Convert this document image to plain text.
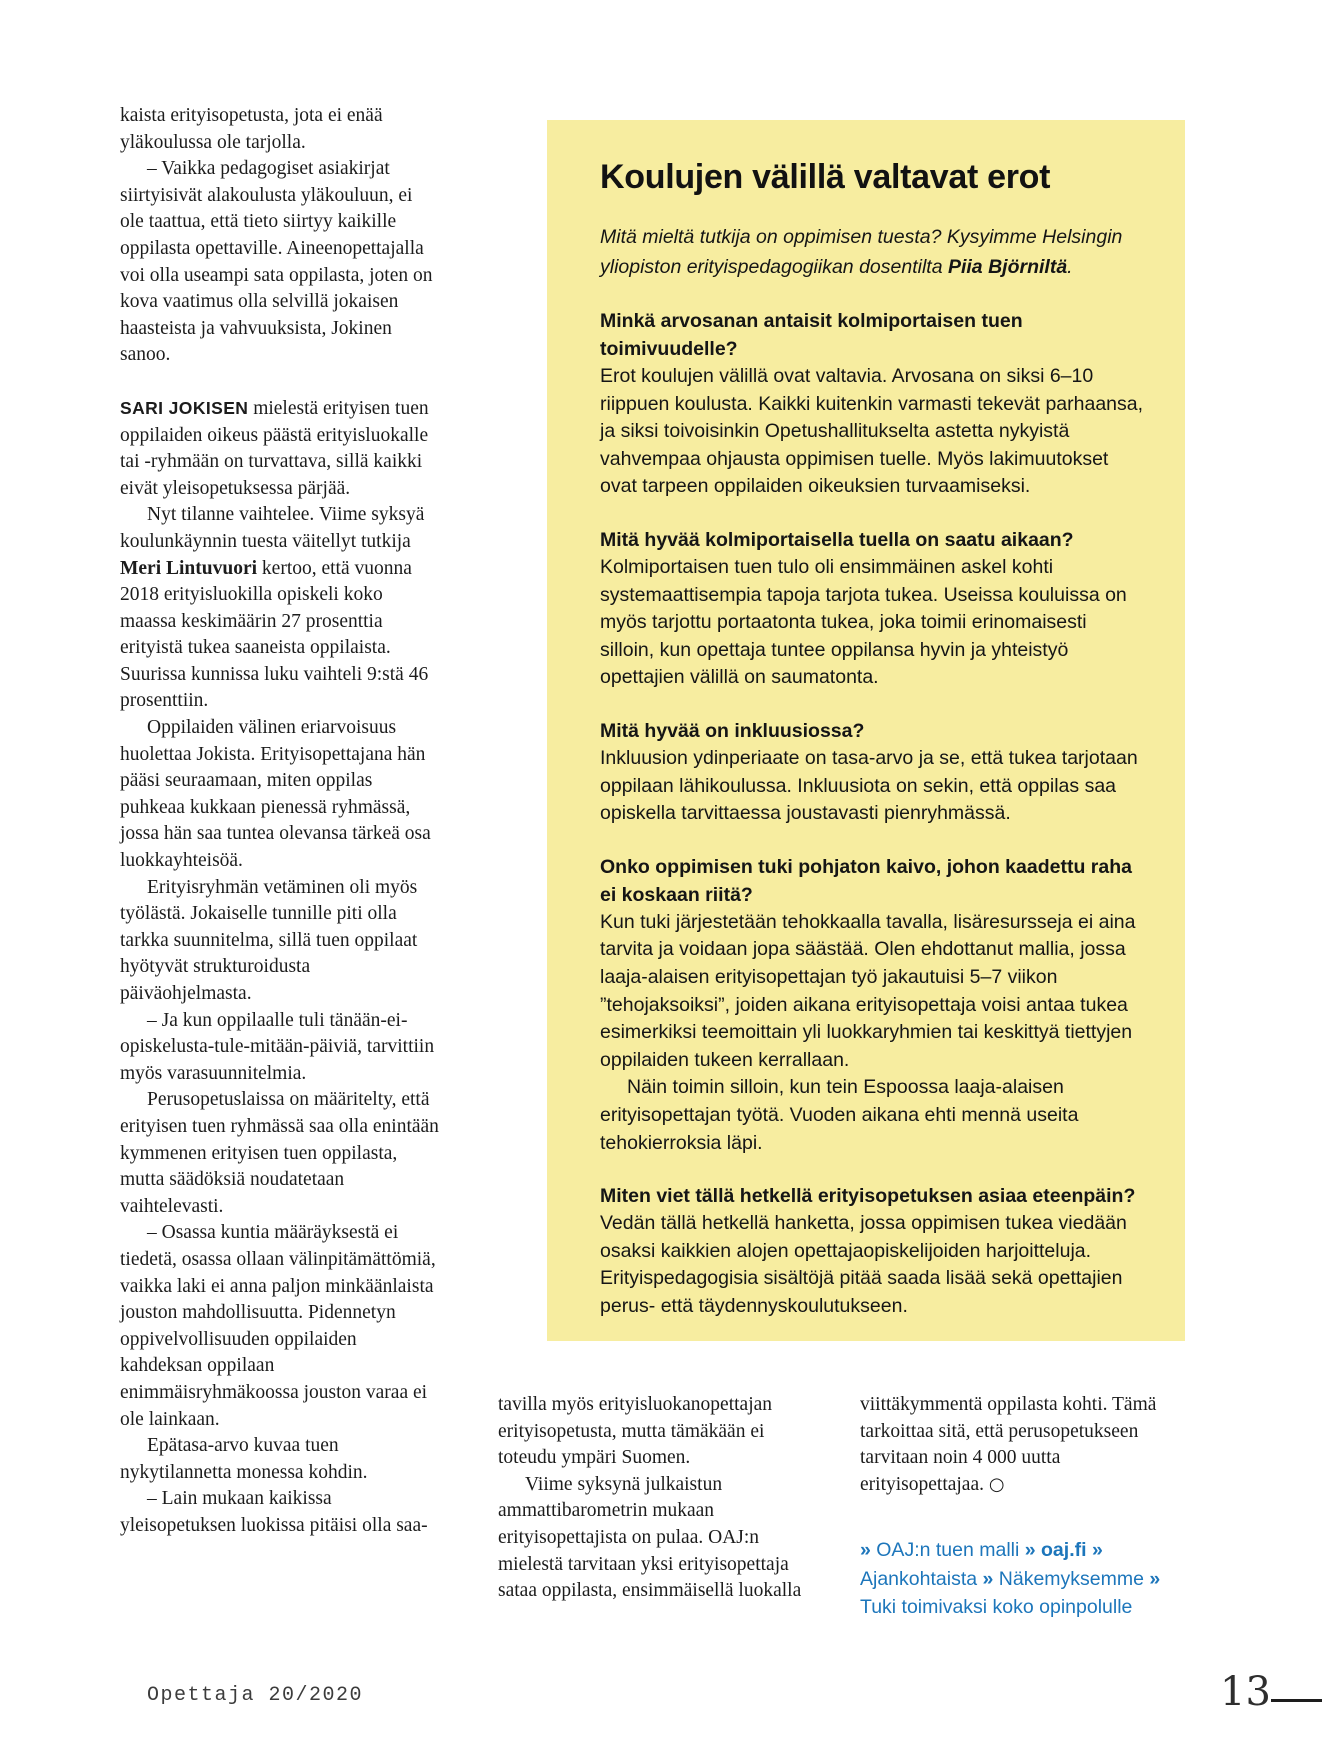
kaista erityisopetusta, jota ei enää yläkoulussa ole tarjolla.

– Vaikka pedagogiset asiakirjat siirtyisivät alakoulusta yläkouluun, ei ole taattua, että tieto siirtyy kaikille oppilasta opettaville. Aineenopettajalla voi olla useampi sata oppilasta, joten on kova vaatimus olla selvillä jokaisen haasteista ja vahvuuksista, Jokinen sanoo.

SARI JOKISEN mielestä erityisen tuen oppilaiden oikeus päästä erityisluokalle tai -ryhmään on turvattava, sillä kaikki eivät yleisopetuksessa pärjää.

Nyt tilanne vaihtelee. Viime syksyä koulunkäynnin tuesta väitellyt tutkija Meri Lintuvuori kertoo, että vuonna 2018 erityisluokilla opiskeli koko maassa keskimäärin 27 prosenttia erityistä tukea saaneista oppilaista. Suurissa kunnissa luku vaihteli 9:stä 46 prosenttiin.

Oppilaiden välinen eriarvoisuus huolettaa Jokista. Erityisopettajana hän pääsi seuraamaan, miten oppilas puhkeaa kukkaan pienessä ryhmässä, jossa hän saa tuntea olevansa tärkeä osa luokkayhteisöä.

Erityisryhmän vetäminen oli myös työlästä. Jokaiselle tunnille piti olla tarkka suunnitelma, sillä tuen oppilaat hyötyvät strukturoidusta päiväohjelmasta.

– Ja kun oppilaalle tuli tänään-ei-opiskelusta-tule-mitään-päiviä, tarvittiin myös varasuunnitelmia.

Perusopetuslaissa on määritelty, että erityisen tuen ryhmässä saa olla enintään kymmenen erityisen tuen oppilasta, mutta säädöksiä noudatetaan vaihtelevasti.

– Osassa kuntia määräyksestä ei tiedetä, osassa ollaan välinpitämättömiä, vaikka laki ei anna paljon minkäänlaista jouston mahdollisuutta. Pidennetyn oppivelvollisuuden oppilaiden kahdeksan oppilaan enimmäisryhmäkoossa jouston varaa ei ole lainkaan.

Epätasa-arvo kuvaa tuen nykytilannetta monessa kohdin.

– Lain mukaan kaikissa yleisopetuksen luokissa pitäisi olla saa-

Koulujen välillä valtavat erot

Mitä mieltä tutkija on oppimisen tuesta? Kysyimme Helsingin yliopiston erityispedagogiikan dosentilta Piia Björniltä.

Minkä arvosanan antaisit kolmiportaisen tuen toimivuudelle?

Erot koulujen välillä ovat valtavia. Arvosana on siksi 6–10 riippuen koulusta. Kaikki kuitenkin varmasti tekevät parhaansa, ja siksi toivoisinkin Opetushallitukselta astetta nykyistä vahvempaa ohjausta oppimisen tuelle. Myös lakimuutokset ovat tarpeen oppilaiden oikeuksien turvaamiseksi.

Mitä hyvää kolmiportaisella tuella on saatu aikaan?

Kolmiportaisen tuen tulo oli ensimmäinen askel kohti systemaattisempia tapoja tarjota tukea. Useissa kouluissa on myös tarjottu portaatonta tukea, joka toimii erinomaisesti silloin, kun opettaja tuntee oppilansa hyvin ja yhteistyö opettajien välillä on saumatonta.

Mitä hyvää on inkluusiossa?

Inkluusion ydinperiaate on tasa-arvo ja se, että tukea tarjotaan oppilaan lähikoulussa. Inkluusiota on sekin, että oppilas saa opiskella tarvittaessa joustavasti pienryhmässä.

Onko oppimisen tuki pohjaton kaivo, johon kaadettu raha ei koskaan riitä?

Kun tuki järjestetään tehokkaalla tavalla, lisäresursseja ei aina tarvita ja voidaan jopa säästää. Olen ehdottanut mallia, jossa laaja-alaisen erityisopettajan työ jakautuisi 5–7 viikon ”tehojaksoiksi”, joiden aikana erityisopettaja voisi antaa tukea esimerkiksi teemoittain yli luokkaryhmien tai keskittyä tiettyjen oppilaiden tukeen kerrallaan.

Näin toimin silloin, kun tein Espoossa laaja-alaisen erityisopettajan työtä. Vuoden aikana ehti mennä useita tehokierroksia läpi.

Miten viet tällä hetkellä erityisopetuksen asiaa eteenpäin?

Vedän tällä hetkellä hanketta, jossa oppimisen tukea viedään osaksi kaikkien alojen opettajaopiskelijoiden harjoitteluja. Erityispedagogisia sisältöjä pitää saada lisää sekä opettajien perus- että täydennyskoulutukseen.

tavilla myös erityisluokanopettajan erityisopetusta, mutta tämäkään ei toteudu ympäri Suomen.

Viime syksynä julkaistun ammattibarometrin mukaan erityisopettajista on pulaa. OAJ:n mielestä tarvitaan yksi erityisopettaja sataa oppilasta, ensimmäisellä luokalla

viittäkymmentä oppilasta kohti. Tämä tarkoittaa sitä, että perusopetukseen tarvitaan noin 4 000 uutta erityisopettajaa. ○

» OAJ:n tuen malli » oaj.fi » Ajankohtaista » Näkemyksemme » Tuki toimivaksi koko opinpolulle
Opettaja 20/2020	13
